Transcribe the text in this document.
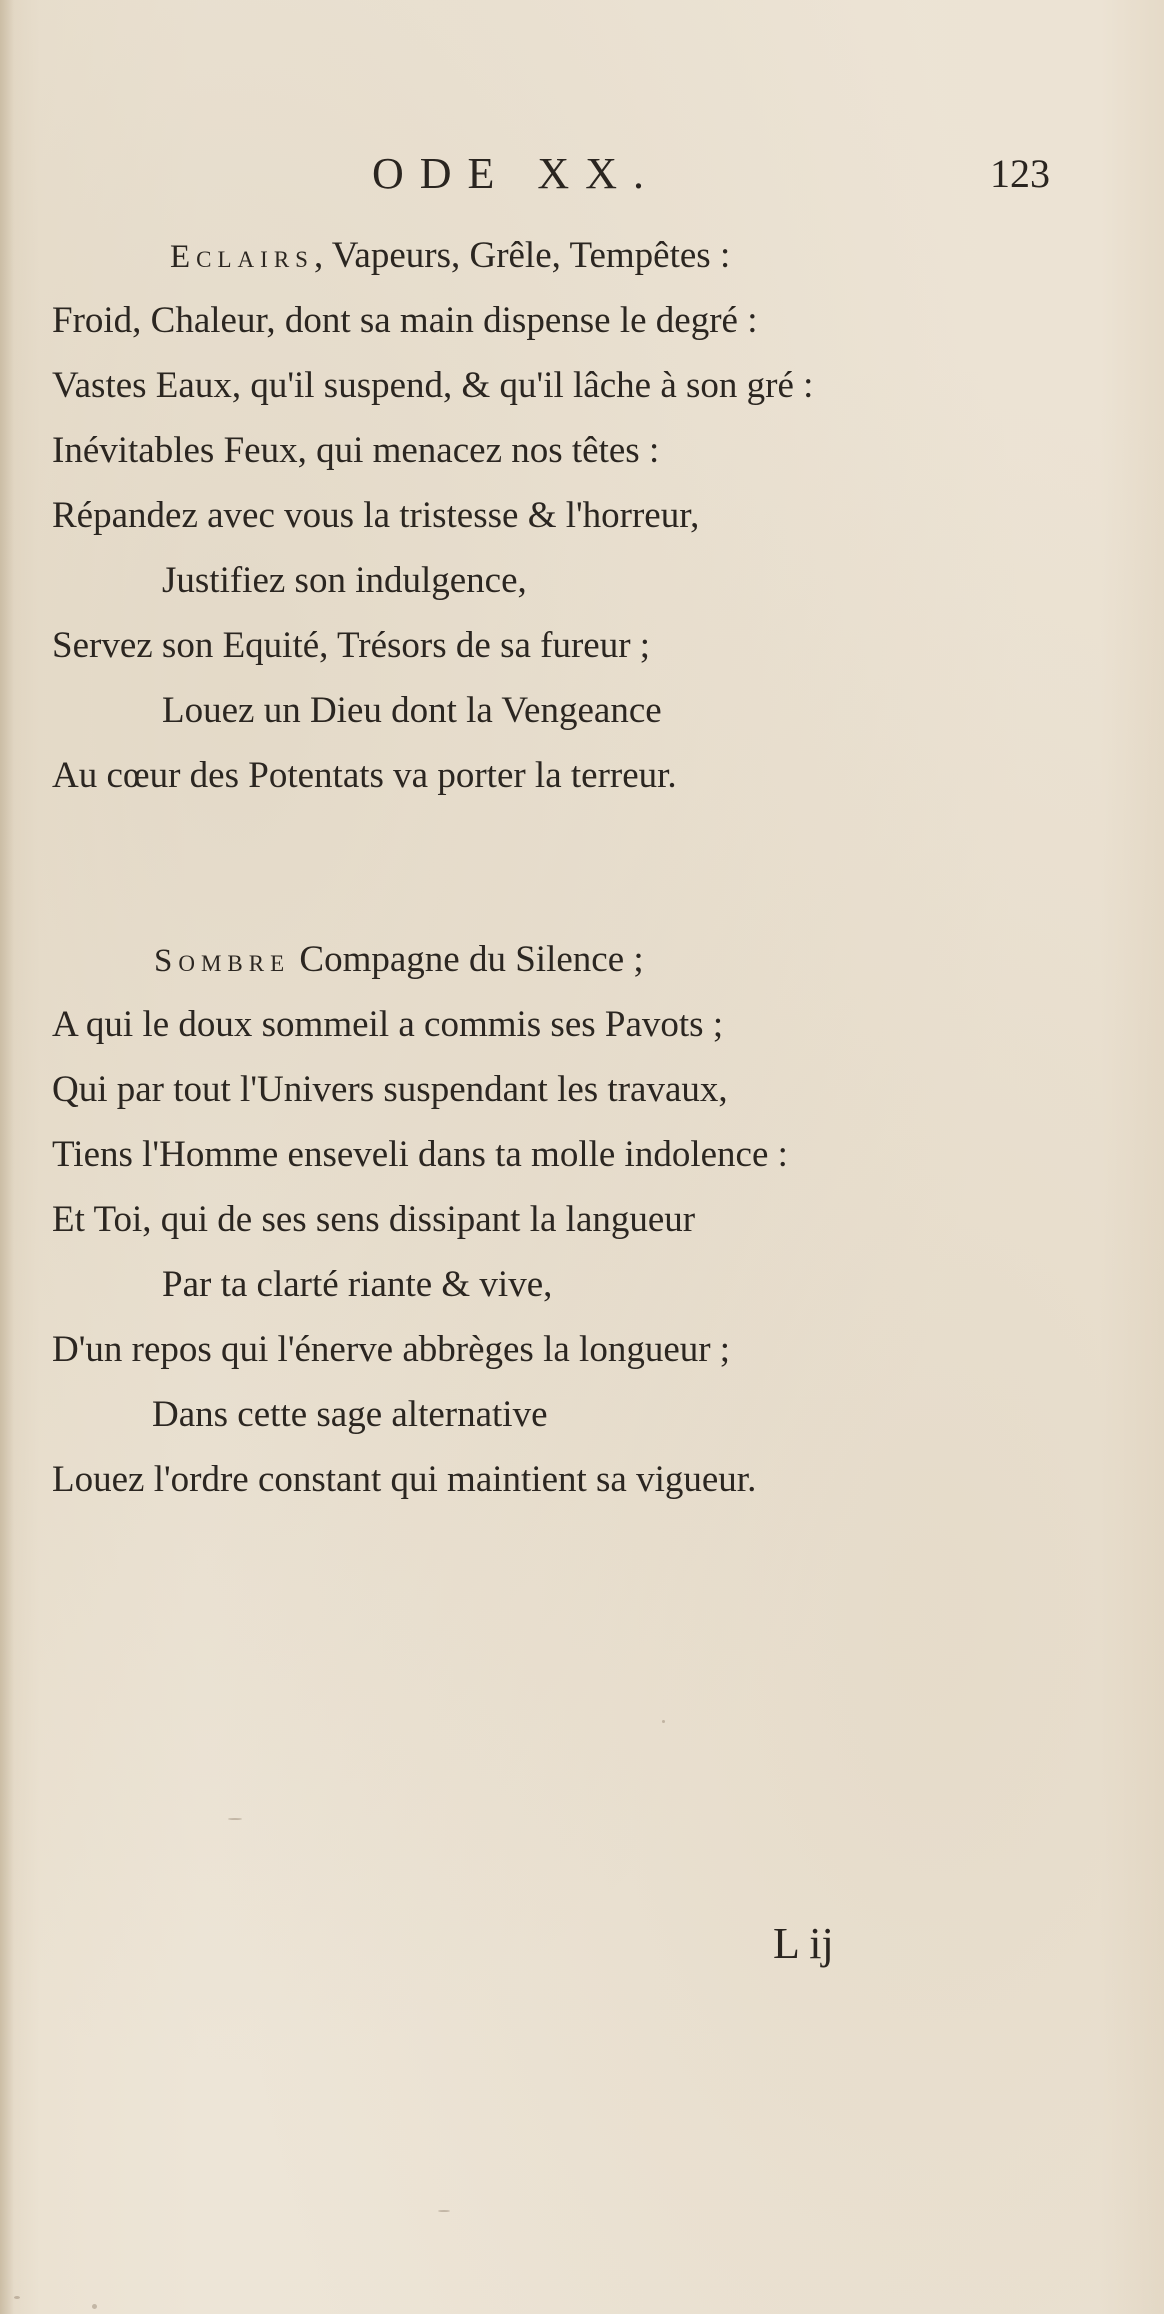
ODE XX.	123
Eclairs, Vapeurs, Grêle, Tempêtes :
Froid, Chaleur, dont sa main dispense le degré :
Vastes Eaux, qu'il suspend, & qu'il lâche à son gré :
Inévitables Feux, qui menacez nos têtes :
Répandez avec vous la tristesse & l'horreur,
Justifiez son indulgence,
Servez son Equité, Trésors de sa fureur ;
Louez un Dieu dont la Vengeance
Au cœur des Potentats va porter la terreur.
Sombre Compagne du Silence ;
A qui le doux sommeil a commis ses Pavots ;
Qui par tout l'Univers suspendant les travaux,
Tiens l'Homme enseveli dans ta molle indolence :
Et Toi, qui de ses sens dissipant la langueur
Par ta clarté riante & vive,
D'un repos qui l'énerve abbrèges la longueur ;
Dans cette sage alternative
Louez l'ordre constant qui maintient sa vigueur.
L ij
